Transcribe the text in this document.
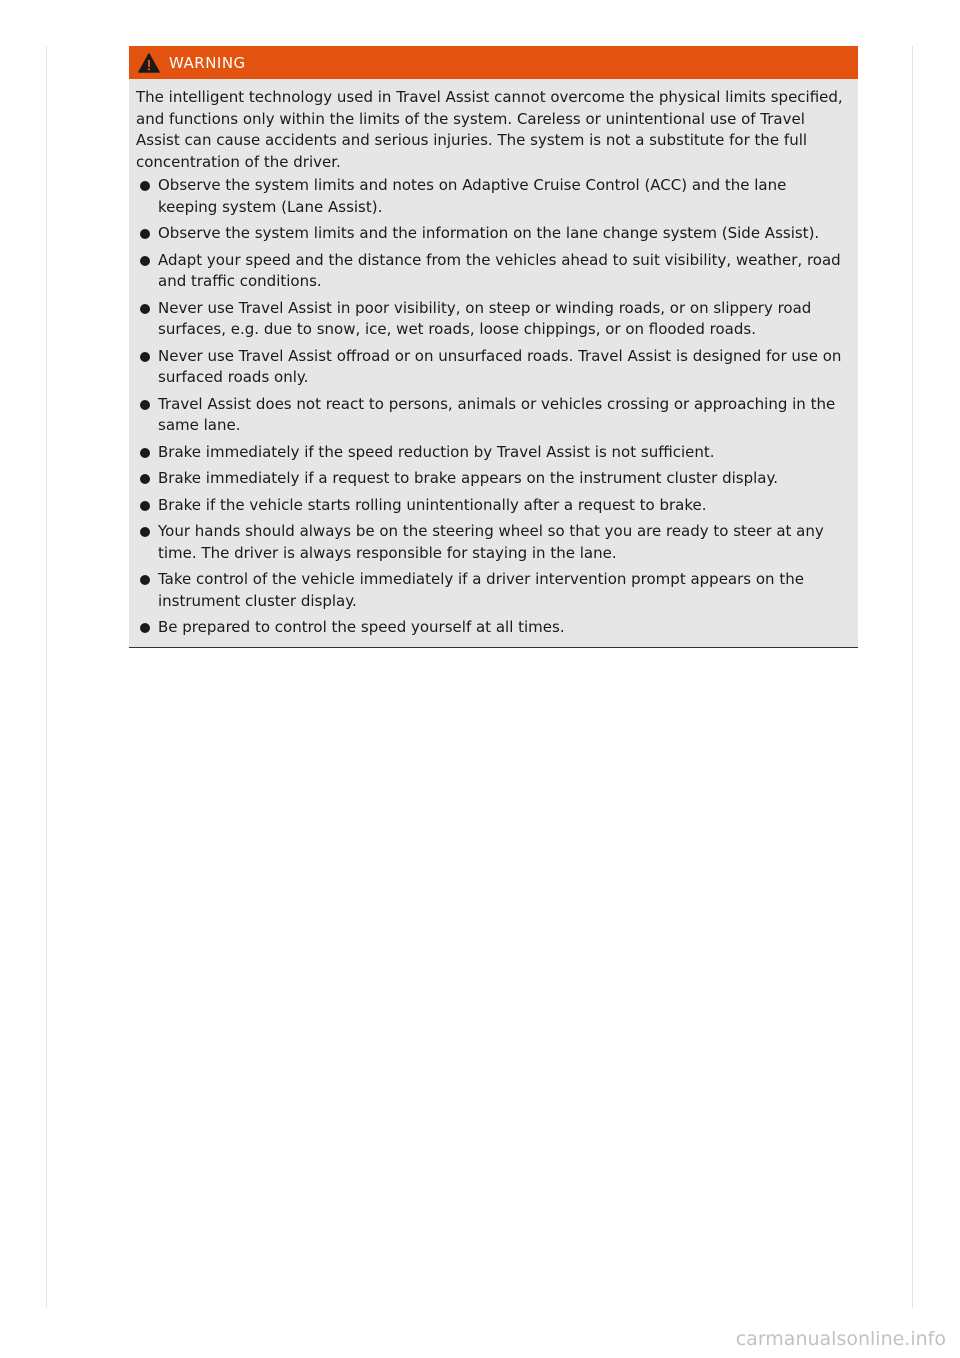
WARNING

The intelligent technology used in Travel Assist cannot overcome the physical limits specified, and functions only within the limits of the system. Careless or unintentional use of Travel Assist can cause accidents and serious injuries. The system is not a substitute for the full concentration of the driver.

Observe the system limits and notes on Adaptive Cruise Control (ACC) and the lane keeping system (Lane Assist).
Observe the system limits and the information on the lane change system (Side Assist).
Adapt your speed and the distance from the vehicles ahead to suit visibility, weather, road and traffic conditions.
Never use Travel Assist in poor visibility, on steep or winding roads, or on slippery road surfaces, e.g. due to snow, ice, wet roads, loose chippings, or on flooded roads.
Never use Travel Assist offroad or on unsurfaced roads. Travel Assist is designed for use on surfaced roads only.
Travel Assist does not react to persons, animals or vehicles crossing or approaching in the same lane.
Brake immediately if the speed reduction by Travel Assist is not sufficient.
Brake immediately if a request to brake appears on the instrument cluster display.
Brake if the vehicle starts rolling unintentionally after a request to brake.
Your hands should always be on the steering wheel so that you are ready to steer at any time. The driver is always responsible for staying in the lane.
Take control of the vehicle immediately if a driver intervention prompt appears on the instrument cluster display.
Be prepared to control the speed yourself at all times.
carmanualsonline.info
